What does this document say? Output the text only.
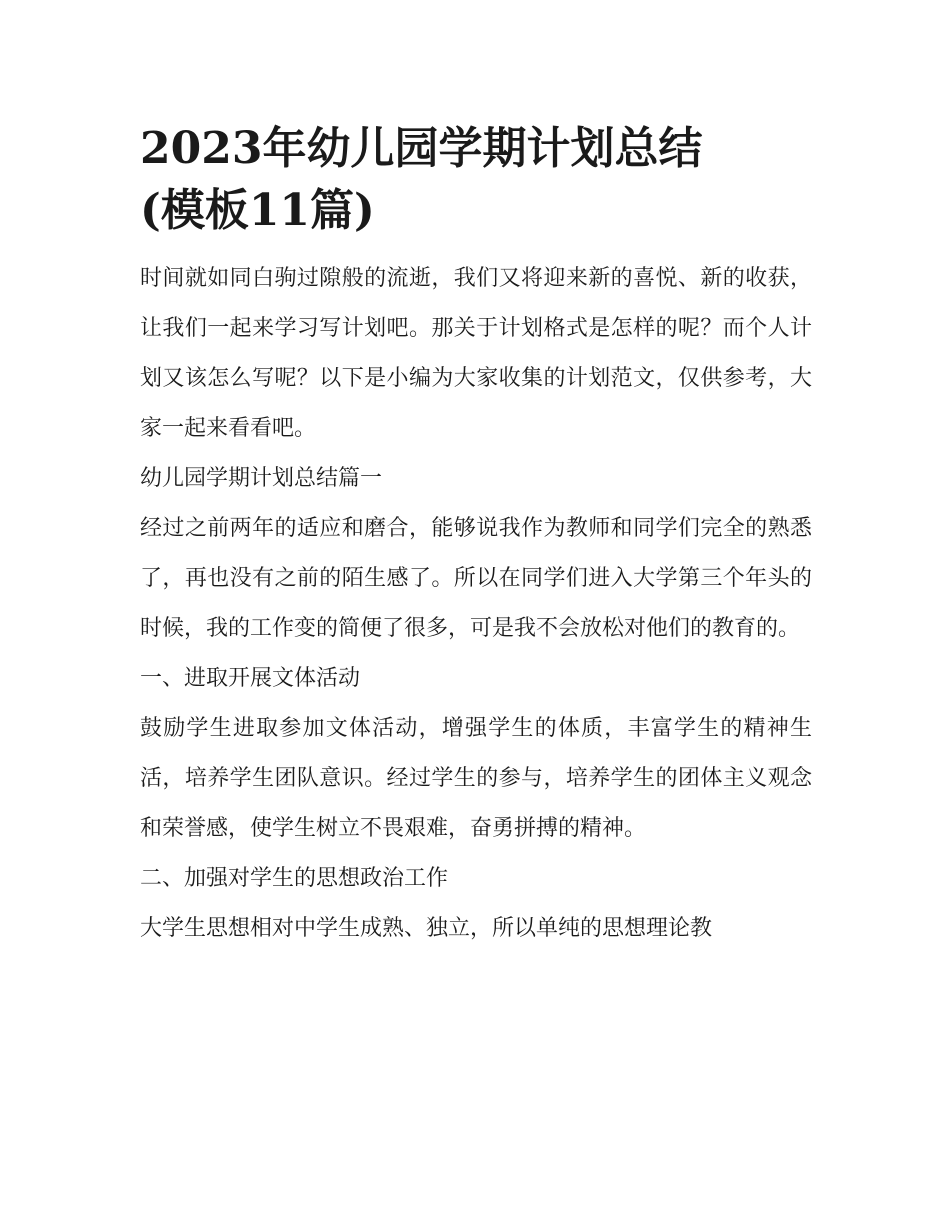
2023年幼儿园学期计划总结
(模板11篇)

时间就如同白驹过隙般的流逝，我们又将迎来新的喜悦、新的收获，让我们一起来学习写计划吧。那关于计划格式是怎样的呢？而个人计划又该怎么写呢？以下是小编为大家收集的计划范文，仅供参考，大家一起来看看吧。

幼儿园学期计划总结篇一

经过之前两年的适应和磨合，能够说我作为教师和同学们完全的熟悉了，再也没有之前的陌生感了。所以在同学们进入大学第三个年头的时候，我的工作变的简便了很多，可是我不会放松对他们的教育的。

一、进取开展文体活动

鼓励学生进取参加文体活动，增强学生的体质，丰富学生的精神生活，培养学生团队意识。经过学生的参与，培养学生的团体主义观念和荣誉感，使学生树立不畏艰难，奋勇拼搏的精神。

二、加强对学生的思想政治工作

大学生思想相对中学生成熟、独立，所以单纯的思想理论教
